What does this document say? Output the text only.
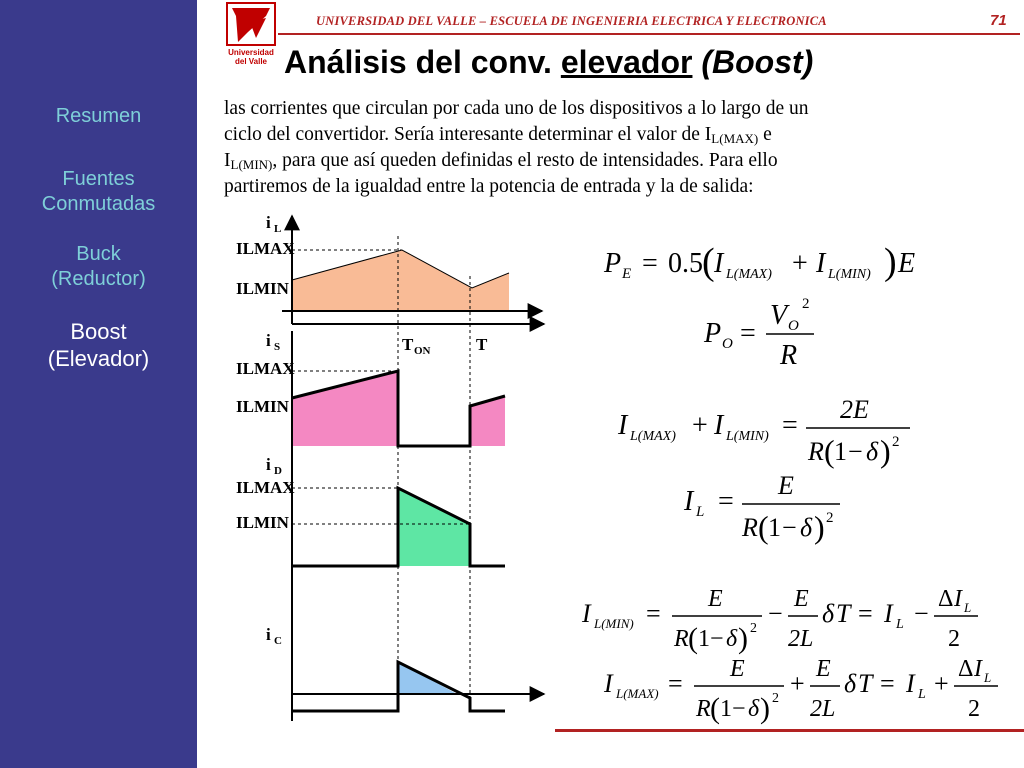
Resumen
Fuentes
Conmutadas
Buck
(Reductor)
Boost
(Elevador)
Universidad
del Valle
UNIVERSIDAD DEL VALLE – ESCUELA DE INGENIERIA ELECTRICA Y ELECTRONICA	71
Análisis del conv. elevador (Boost)
las corrientes que circulan por cada uno de los dispositivos a lo largo de un
ciclo del convertidor. Sería interesante determinar el valor de $I_{L(MAX)}$ e
$I_{L(MIN)}$, para que así queden definidas el resto de intensidades. Para ello
partiremos de la igualdad entre la potencia de entrada y la de salida:
i L
ILMAX
ILMIN
i S
ILMAX
ILMIN
T ON	T
i D
ILMAX
ILMIN
i C
P E = 0.5 ( I L(MAX) + I L(MIN) ) E
P O =
V O
2
R
I L(MAX) + I L(MIN) =
2E
R ( 1 − δ ) 2
I L =
E
R ( 1 − δ ) 2
I L(MIN) = E
R ( 1 − δ ) 2
− E
2L
δ T = I L − Δ I L
2
I L(MAX) = E
R ( 1 − δ ) 2
+ E
2L
δ T = I L + Δ I L
2
